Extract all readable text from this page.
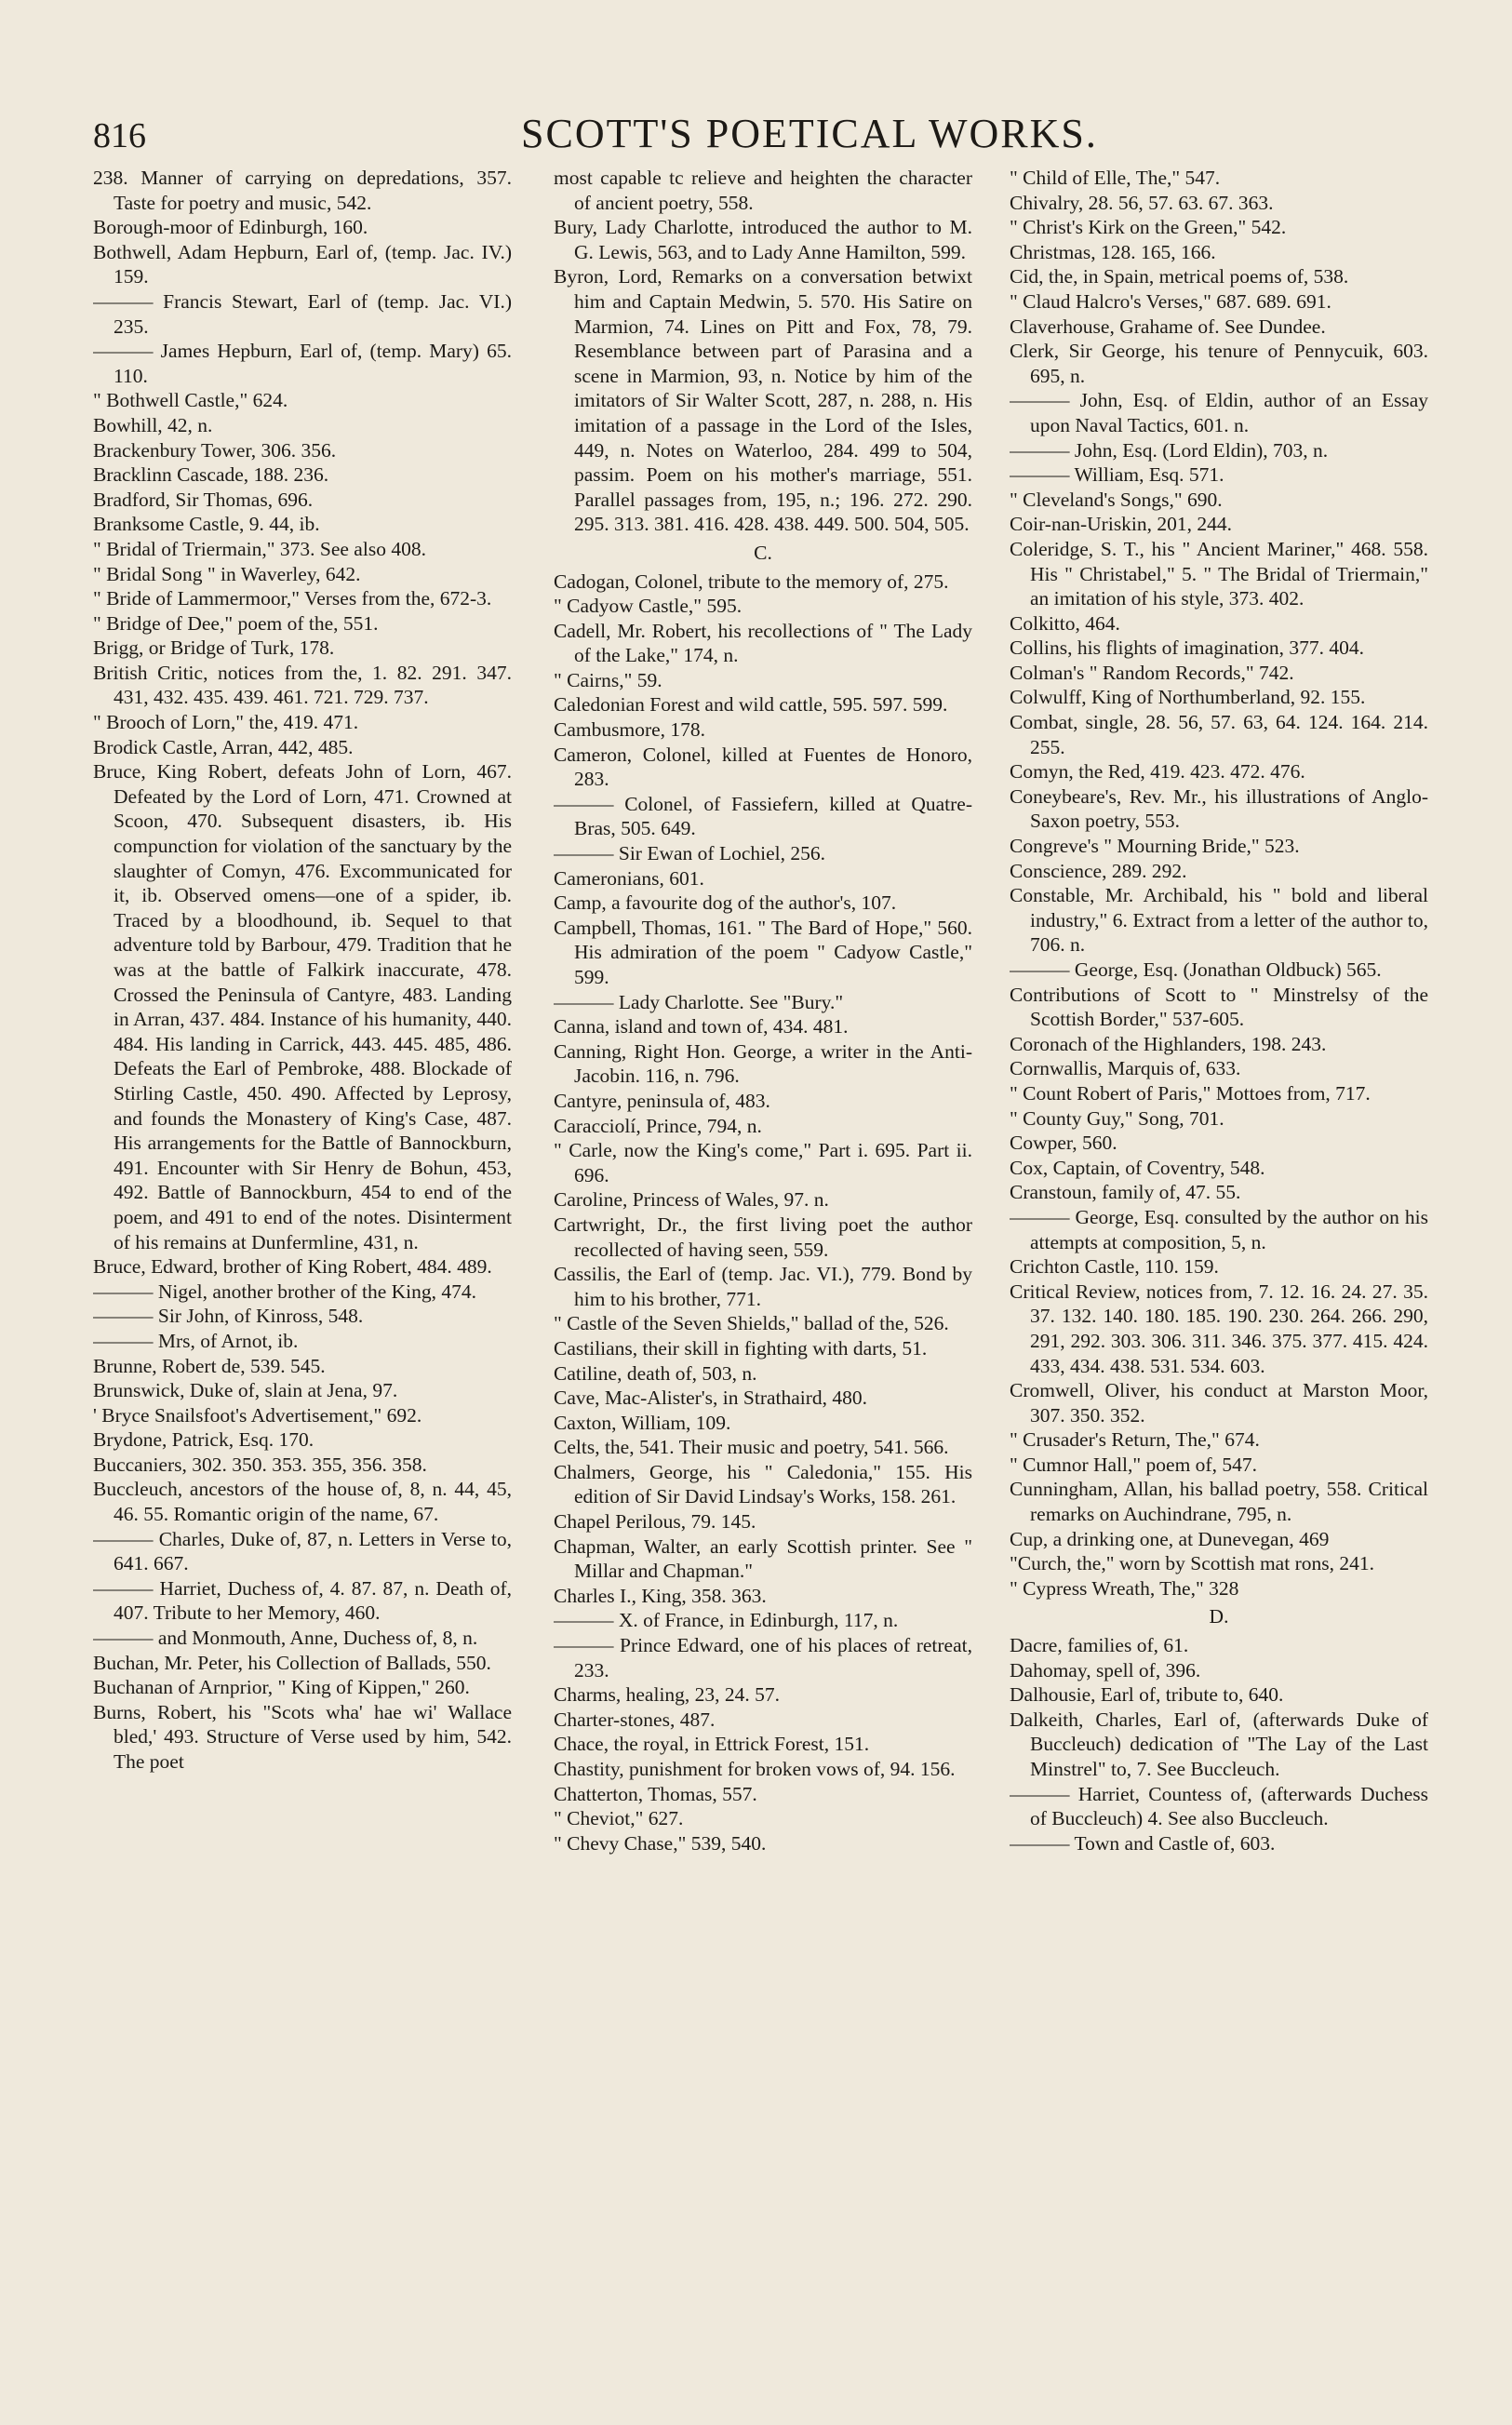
816	SCOTT'S POETICAL WORKS.

238. Manner of carrying on depredations, 357. Taste for poetry and music, 542.

Borough-moor of Edinburgh, 160.

Bothwell, Adam Hepburn, Earl of, (temp. Jac. IV.) 159.

——— Francis Stewart, Earl of (temp. Jac. VI.) 235.

——— James Hepburn, Earl of, (temp. Mary) 65. 110.

" Bothwell Castle," 624.

Bowhill, 42, n.

Brackenbury Tower, 306. 356.

Bracklinn Cascade, 188. 236.

Bradford, Sir Thomas, 696.

Branksome Castle, 9. 44, ib.

" Bridal of Triermain," 373. See also 408.

" Bridal Song " in Waverley, 642.

" Bride of Lammermoor," Verses from the, 672-3.

" Bridge of Dee," poem of the, 551.

Brigg, or Bridge of Turk, 178.

British Critic, notices from the, 1. 82. 291. 347. 431, 432. 435. 439. 461. 721. 729. 737.

" Brooch of Lorn," the, 419. 471.

Brodick Castle, Arran, 442, 485.

Bruce, King Robert, defeats John of Lorn, 467. Defeated by the Lord of Lorn, 471. Crowned at Scoon, 470. Subsequent disasters, ib. His compunction for violation of the sanctuary by the slaughter of Comyn, 476. Excommunicated for it, ib. Observed omens—one of a spider, ib. Traced by a bloodhound, ib. Sequel to that adventure told by Barbour, 479. Tradition that he was at the battle of Falkirk inaccurate, 478. Crossed the Peninsula of Cantyre, 483. Landing in Arran, 437. 484. Instance of his humanity, 440. 484. His landing in Carrick, 443. 445. 485, 486. Defeats the Earl of Pembroke, 488. Blockade of Stirling Castle, 450. 490. Affected by Leprosy, and founds the Monastery of King's Case, 487. His arrangements for the Battle of Bannockburn, 491. Encounter with Sir Henry de Bohun, 453, 492. Battle of Bannockburn, 454 to end of the poem, and 491 to end of the notes. Disinterment of his remains at Dunfermline, 431, n.

Bruce, Edward, brother of King Robert, 484. 489.

——— Nigel, another brother of the King, 474.

——— Sir John, of Kinross, 548.

——— Mrs, of Arnot, ib.

Brunne, Robert de, 539. 545.

Brunswick, Duke of, slain at Jena, 97.

' Bryce Snailsfoot's Advertisement," 692.

Brydone, Patrick, Esq. 170.

Buccaniers, 302. 350. 353. 355, 356. 358.

Buccleuch, ancestors of the house of, 8, n. 44, 45, 46. 55. Romantic origin of the name, 67.

——— Charles, Duke of, 87, n. Letters in Verse to, 641. 667.

——— Harriet, Duchess of, 4. 87. 87, n. Death of, 407. Tribute to her Memory, 460.

——— and Monmouth, Anne, Duchess of, 8, n.

Buchan, Mr. Peter, his Collection of Ballads, 550.

Buchanan of Arnprior, " King of Kippen," 260.

Burns, Robert, his "Scots wha' hae wi' Wallace bled,' 493. Structure of Verse used by him, 542. The poet

most capable tc relieve and heighten the character of ancient poetry, 558.

Bury, Lady Charlotte, introduced the author to M. G. Lewis, 563, and to Lady Anne Hamilton, 599.

Byron, Lord, Remarks on a conversation betwixt him and Captain Medwin, 5. 570. His Satire on Marmion, 74. Lines on Pitt and Fox, 78, 79. Resemblance between part of Parasina and a scene in Marmion, 93, n. Notice by him of the imitators of Sir Walter Scott, 287, n. 288, n. His imitation of a passage in the Lord of the Isles, 449, n. Notes on Waterloo, 284. 499 to 504, passim. Poem on his mother's marriage, 551. Parallel passages from, 195, n.; 196. 272. 290. 295. 313. 381. 416. 428. 438. 449. 500. 504, 505.

C.

Cadogan, Colonel, tribute to the memory of, 275.

" Cadyow Castle," 595.

Cadell, Mr. Robert, his recollections of " The Lady of the Lake," 174, n.

" Cairns," 59.

Caledonian Forest and wild cattle, 595. 597. 599.

Cambusmore, 178.

Cameron, Colonel, killed at Fuentes de Honoro, 283.

——— Colonel, of Fassiefern, killed at Quatre-Bras, 505. 649.

——— Sir Ewan of Lochiel, 256.

Cameronians, 601.

Camp, a favourite dog of the author's, 107.

Campbell, Thomas, 161. " The Bard of Hope," 560. His admiration of the poem " Cadyow Castle," 599.

——— Lady Charlotte. See "Bury."

Canna, island and town of, 434. 481.

Canning, Right Hon. George, a writer in the Anti-Jacobin. 116, n. 796.

Cantyre, peninsula of, 483.

Caracciolí, Prince, 794, n.

" Carle, now the King's come," Part i. 695. Part ii. 696.

Caroline, Princess of Wales, 97. n.

Cartwright, Dr., the first living poet the author recollected of having seen, 559.

Cassilis, the Earl of (temp. Jac. VI.), 779. Bond by him to his brother, 771.

" Castle of the Seven Shields," ballad of the, 526.

Castilians, their skill in fighting with darts, 51.

Catiline, death of, 503, n.

Cave, Mac-Alister's, in Strathaird, 480.

Caxton, William, 109.

Celts, the, 541. Their music and poetry, 541. 566.

Chalmers, George, his " Caledonia," 155. His edition of Sir David Lindsay's Works, 158. 261.

Chapel Perilous, 79. 145.

Chapman, Walter, an early Scottish printer. See " Millar and Chapman."

Charles I., King, 358. 363.

——— X. of France, in Edinburgh, 117, n.

——— Prince Edward, one of his places of retreat, 233.

Charms, healing, 23, 24. 57.

Charter-stones, 487.

Chace, the royal, in Ettrick Forest, 151.

Chastity, punishment for broken vows of, 94. 156.

Chatterton, Thomas, 557.

" Cheviot," 627.

" Chevy Chase," 539, 540.

" Child of Elle, The," 547.

Chivalry, 28. 56, 57. 63. 67. 363.

" Christ's Kirk on the Green," 542.

Christmas, 128. 165, 166.

Cid, the, in Spain, metrical poems of, 538.

" Claud Halcro's Verses," 687. 689. 691.

Claverhouse, Grahame of. See Dundee.

Clerk, Sir George, his tenure of Pennycuik, 603. 695, n.

——— John, Esq. of Eldin, author of an Essay upon Naval Tactics, 601. n.

——— John, Esq. (Lord Eldin), 703, n.

——— William, Esq. 571.

" Cleveland's Songs," 690.

Coir-nan-Uriskin, 201, 244.

Coleridge, S. T., his " Ancient Mariner," 468. 558. His " Christabel," 5. " The Bridal of Triermain," an imitation of his style, 373. 402.

Colkitto, 464.

Collins, his flights of imagination, 377. 404.

Colman's " Random Records," 742.

Colwulff, King of Northumberland, 92. 155.

Combat, single, 28. 56, 57. 63, 64. 124. 164. 214. 255.

Comyn, the Red, 419. 423. 472. 476.

Coneybeare's, Rev. Mr., his illustrations of Anglo-Saxon poetry, 553.

Congreve's " Mourning Bride," 523.

Conscience, 289. 292.

Constable, Mr. Archibald, his " bold and liberal industry," 6. Extract from a letter of the author to, 706. n.

——— George, Esq. (Jonathan Oldbuck) 565.

Contributions of Scott to " Minstrelsy of the Scottish Border," 537-605.

Coronach of the Highlanders, 198. 243.

Cornwallis, Marquis of, 633.

" Count Robert of Paris," Mottoes from, 717.

" County Guy," Song, 701.

Cowper, 560.

Cox, Captain, of Coventry, 548.

Cranstoun, family of, 47. 55.

——— George, Esq. consulted by the author on his attempts at composition, 5, n.

Crichton Castle, 110. 159.

Critical Review, notices from, 7. 12. 16. 24. 27. 35. 37. 132. 140. 180. 185. 190. 230. 264. 266. 290, 291, 292. 303. 306. 311. 346. 375. 377. 415. 424. 433, 434. 438. 531. 534. 603.

Cromwell, Oliver, his conduct at Marston Moor, 307. 350. 352.

" Crusader's Return, The," 674.

" Cumnor Hall," poem of, 547.

Cunningham, Allan, his ballad poetry, 558. Critical remarks on Auchindrane, 795, n.

Cup, a drinking one, at Dunevegan, 469

"Curch, the," worn by Scottish mat rons, 241.

" Cypress Wreath, The," 328

D.

Dacre, families of, 61.

Dahomay, spell of, 396.

Dalhousie, Earl of, tribute to, 640.

Dalkeith, Charles, Earl of, (afterwards Duke of Buccleuch) dedication of "The Lay of the Last Minstrel" to, 7. See Buccleuch.

——— Harriet, Countess of, (afterwards Duchess of Buccleuch) 4. See also Buccleuch.

——— Town and Castle of, 603.
